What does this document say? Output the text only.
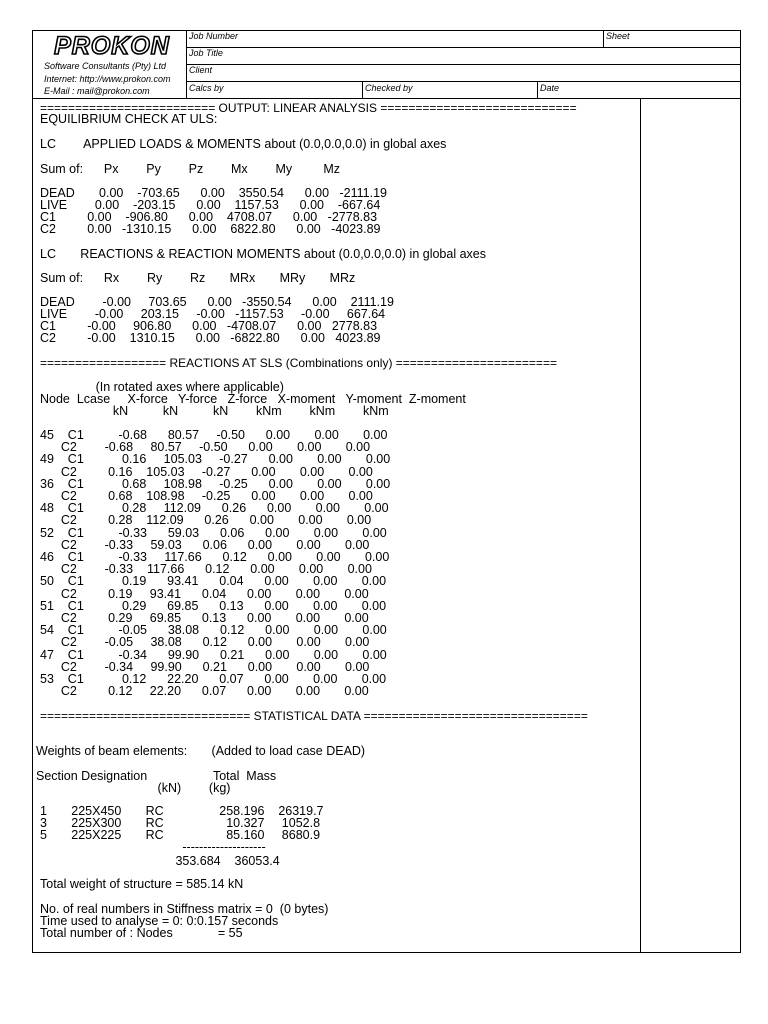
Job Number	Sheet
Job Title
Client
Calcs by	Checked by	Date
PROKON
Software Consultants (Pty) Ltd
Internet: http://www.prokon.com
E-Mail : mail@prokon.com
========================= OUTPUT: LINEAR ANALYSIS ============================
EQUILIBRIUM CHECK AT ULS:
LC        APPLIED LOADS & MOMENTS about (0.0,0.0,0.0) in global axes
Sum of:      Px        Py        Pz        Mx        My         Mz
DEAD       0.00    -703.65      0.00    3550.54      0.00   -2111.19
LIVE        0.00    -203.15      0.00    1157.53      0.00    -667.64
C1         0.00    -906.80      0.00    4708.07      0.00   -2778.83
C2         0.00   -1310.15      0.00    6822.80      0.00   -4023.89
LC       REACTIONS & REACTION MOMENTS about (0.0,0.0,0.0) in global axes
Sum of:      Rx        Ry        Rz       MRx       MRy       MRz
DEAD        -0.00     703.65      0.00   -3550.54      0.00    2111.19
LIVE        -0.00     203.15     -0.00   -1157.53     -0.00     667.64
C1         -0.00     906.80      0.00   -4708.07      0.00   2778.83
C2         -0.00    1310.15      0.00   -6822.80      0.00   4023.89
================== REACTIONS AT SLS (Combinations only) =======================
(In rotated axes where applicable)
Node  Lcase     X-force   Y-force   Z-force   X-moment   Y-moment  Z-moment
kN          kN          kN        kNm        kNm        kNm
45    C1          -0.68      80.57     -0.50      0.00       0.00       0.00
C2        -0.68     80.57     -0.50      0.00       0.00       0.00
49    C1           0.16     105.03     -0.27      0.00       0.00       0.00
C2         0.16    105.03     -0.27      0.00       0.00       0.00
36    C1           0.68     108.98     -0.25      0.00       0.00       0.00
C2         0.68    108.98     -0.25      0.00       0.00       0.00
48    C1           0.28     112.09      0.26      0.00       0.00       0.00
C2         0.28    112.09      0.26      0.00       0.00       0.00
52    C1          -0.33      59.03      0.06      0.00       0.00       0.00
C2        -0.33     59.03      0.06      0.00       0.00       0.00
46    C1          -0.33     117.66      0.12      0.00       0.00       0.00
C2        -0.33    117.66      0.12      0.00       0.00       0.00
50    C1           0.19      93.41      0.04      0.00       0.00       0.00
C2         0.19     93.41      0.04      0.00       0.00       0.00
51    C1           0.29      69.85      0.13      0.00       0.00       0.00
C2         0.29     69.85      0.13      0.00       0.00       0.00
54    C1          -0.05      38.08      0.12      0.00       0.00       0.00
C2        -0.05     38.08      0.12      0.00       0.00       0.00
47    C1          -0.34      99.90      0.21      0.00       0.00       0.00
C2        -0.34     99.90      0.21      0.00       0.00       0.00
53    C1           0.12      22.20      0.07      0.00       0.00       0.00
C2         0.12     22.20      0.07      0.00       0.00       0.00
============================== STATISTICAL DATA ================================
Weights of beam elements:       (Added to load case DEAD)
Section Designation                   Total  Mass
(kN)        (kg)
1       225X450       RC                258.196    26319.7
3       225X300       RC                  10.327     1052.8
5       225X225       RC                  85.160     8680.9
--------------------
353.684    36053.4
Total weight of structure = 585.14 kN
No. of real numbers in Stiffness matrix = 0  (0 bytes)
Time used to analyse = 0: 0:0.157 seconds
Total number of : Nodes             = 55
